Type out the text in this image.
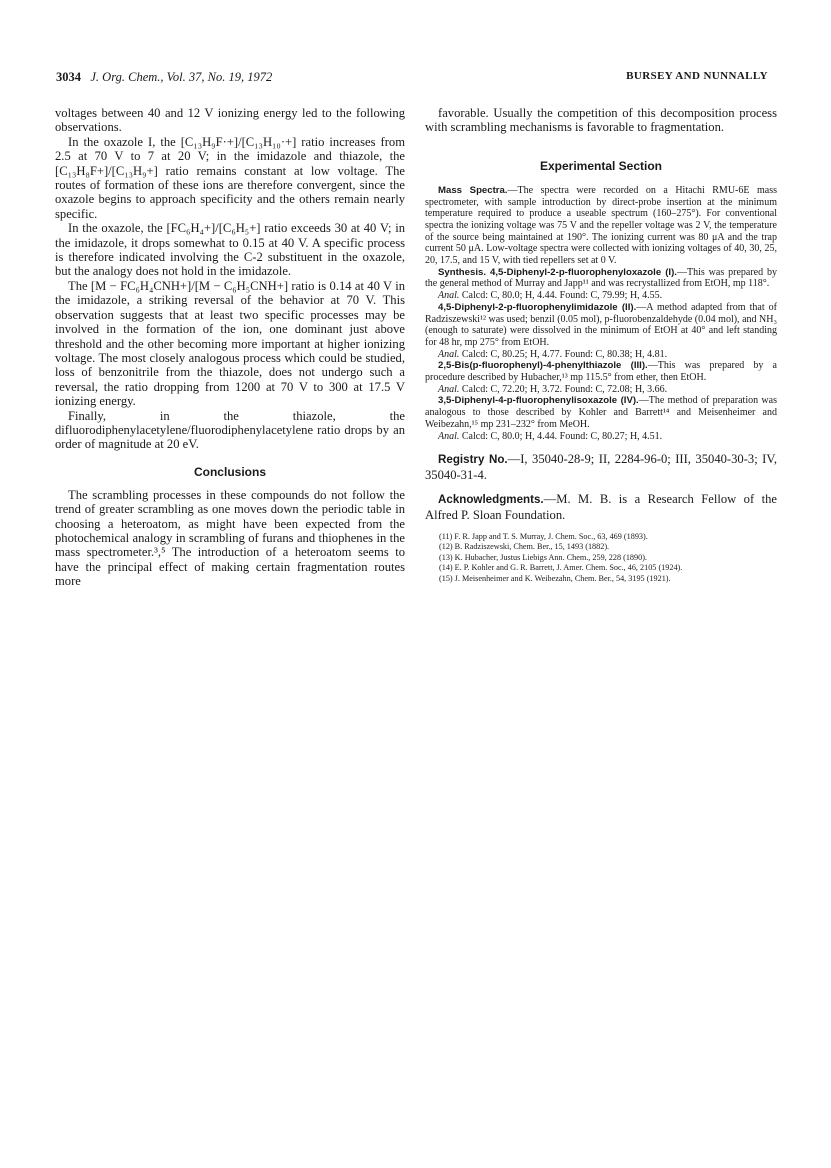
3034 J. Org. Chem., Vol. 37, No. 19, 1972	BURSEY AND NUNNALLY

voltages between 40 and 12 V ionizing energy led to the following observations.

In the oxazole I, the [C₁₃H₉F·+]/[C₁₃H₁₀·+] ratio increases from 2.5 at 70 V to 7 at 20 V; in the imidazole and thiazole, the [C₁₃H₈F+]/[C₁₃H₉+] ratio remains constant at low voltage. The routes of formation of these ions are therefore convergent, since the oxazole begins to approach specificity and the others remain nearly specific.

In the oxazole, the [FC₆H₄+]/[C₆H₅+] ratio exceeds 30 at 40 V; in the imidazole, it drops somewhat to 0.15 at 40 V. A specific process is therefore indicated involving the C-2 substituent in the oxazole, but the analogy does not hold in the imidazole.

The [M − FC₆H₄CNH+]/[M − C₆H₅CNH+] ratio is 0.14 at 40 V in the imidazole, a striking reversal of the behavior at 70 V. This observation suggests that at least two specific processes may be involved in the formation of the ion, one dominant just above threshold and the other becoming more important at higher ionizing voltage. The most closely analogous process which could be studied, loss of benzonitrile from the thiazole, does not undergo such a reversal, the ratio dropping from 1200 at 70 V to 300 at 17.5 V ionizing energy.

Finally, in the thiazole, the difluorodiphenylacetylene/fluorodiphenylacetylene ratio drops by an order of magnitude at 20 eV.

Conclusions

The scrambling processes in these compounds do not follow the trend of greater scrambling as one moves down the periodic table in choosing a heteroatom, as might have been expected from the photochemical analogy in scrambling of furans and thiophenes in the mass spectrometer.³,⁵ The introduction of a heteroatom seems to have the principal effect of making certain fragmentation routes more

favorable. Usually the competition of this decomposition process with scrambling mechanisms is favorable to fragmentation.

Experimental Section

Mass Spectra.—The spectra were recorded on a Hitachi RMU-6E mass spectrometer, with sample introduction by direct-probe insertion at the minimum temperature required to produce a useable spectrum (160–275°). For conventional spectra the ionizing voltage was 75 V and the repeller voltage was 2 V, the temperature of the source being maintained at 190°. The ionizing current was 80 μA and the trap current 50 μA. Low-voltage spectra were collected with ionizing voltages of 40, 30, 25, 20, 17.5, and 15 V, with tied repellers set at 0 V.

Synthesis. 4,5-Diphenyl-2-p-fluorophenyloxazole (I).—This was prepared by the general method of Murray and Japp¹¹ and was recrystallized from EtOH, mp 118°.

Anal. Calcd: C, 80.0; H, 4.44. Found: C, 79.99; H, 4.55.

4,5-Diphenyl-2-p-fluorophenylimidazole (II).—A method adapted from that of Radziszewski¹² was used; benzil (0.05 mol), p-fluorobenzaldehyde (0.04 mol), and NH₃ (enough to saturate) were dissolved in the minimum of EtOH at 40° and left standing for 48 hr, mp 275° from EtOH.

Anal. Calcd: C, 80.25; H, 4.77. Found: C, 80.38; H, 4.81.

2,5-Bis(p-fluorophenyl)-4-phenylthiazole (III).—This was prepared by a procedure described by Hubacher,¹³ mp 115.5° from ether, then EtOH.

Anal. Calcd: C, 72.20; H, 3.72. Found: C, 72.08; H, 3.66.

3,5-Diphenyl-4-p-fluorophenylisoxazole (IV).—The method of preparation was analogous to those described by Kohler and Barrett¹⁴ and Meisenheimer and Weibezahn,¹⁵ mp 231–232° from MeOH.

Anal. Calcd: C, 80.0; H, 4.44. Found: C, 80.27; H, 4.51.

Registry No.—I, 35040-28-9; II, 2284-96-0; III, 35040-30-3; IV, 35040-31-4.

Acknowledgments.—M. M. B. is a Research Fellow of the Alfred P. Sloan Foundation.

(11) F. R. Japp and T. S. Murray, J. Chem. Soc., 63, 469 (1893).
(12) B. Radziszewski, Chem. Ber., 15, 1493 (1882).
(13) K. Hubacher, Justus Liebigs Ann. Chem., 259, 228 (1890).
(14) E. P. Kohler and G. R. Barrett, J. Amer. Chem. Soc., 46, 2105 (1924).
(15) J. Meisenheimer and K. Weibezahn, Chem. Ber., 54, 3195 (1921).
